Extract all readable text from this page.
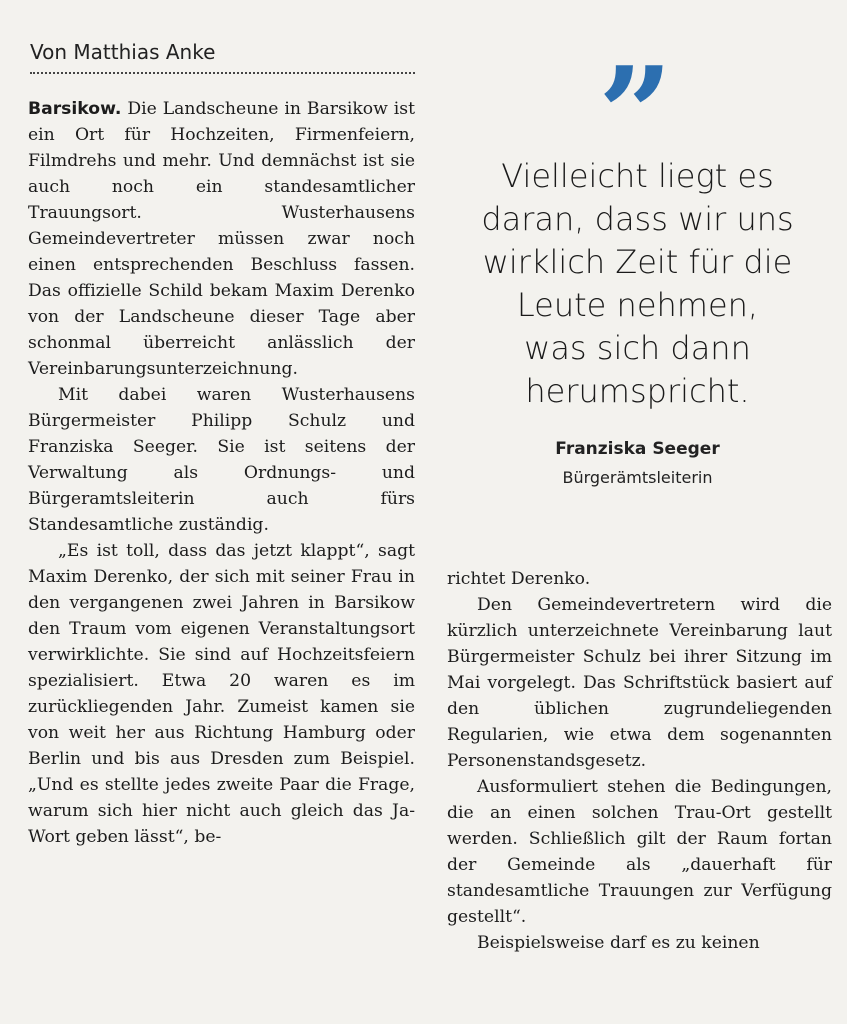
Von Matthias Anke

Barsikow. Die Landscheune in Barsikow ist ein Ort für Hochzeiten, Firmenfeiern, Filmdrehs und mehr. Und demnächst ist sie auch noch ein standesamtlicher Trauungsort. Wusterhausens Gemeindevertreter müssen zwar noch einen entsprechenden Beschluss fassen. Das offizielle Schild bekam Maxim Derenko von der Landscheune dieser Tage aber schonmal überreicht anlässlich der Vereinbarungsunterzeichnung.

Mit dabei waren Wusterhausens Bürgermeister Philipp Schulz und Franziska Seeger. Sie ist seitens der Verwaltung als Ordnungs- und Bürgeramtsleiterin auch fürs Standesamtliche zuständig.

„Es ist toll, dass das jetzt klappt“, sagt Maxim Derenko, der sich mit seiner Frau in den vergangenen zwei Jahren in Barsikow den Traum vom eigenen Veranstaltungsort verwirklichte. Sie sind auf Hochzeitsfeiern spezialisiert. Etwa 20 waren es im zurückliegenden Jahr. Zumeist kamen sie von weit her aus Richtung Hamburg oder Berlin und bis aus Dresden zum Beispiel. „Und es stellte jedes zweite Paar die Frage, warum sich hier nicht auch gleich das Ja-Wort geben lässt“, be-

”
Vielleicht liegt es
daran, dass wir uns
wirklich Zeit für die
Leute nehmen,
was sich dann
herumspricht.
Franziska Seeger
Bürgerämtsleiterin

richtet Derenko.

Den Gemeindevertretern wird die kürzlich unterzeichnete Vereinbarung laut Bürgermeister Schulz bei ihrer Sitzung im Mai vorgelegt. Das Schriftstück basiert auf den üblichen zugrundeliegenden Regularien, wie etwa dem sogenannten Personenstandsgesetz.

Ausformuliert stehen die Bedingungen, die an einen solchen Trau-Ort gestellt werden. Schließlich gilt der Raum fortan der Gemeinde als „dauerhaft für standesamtliche Trauungen zur Verfügung gestellt“.

Beispielsweise darf es zu keinen
